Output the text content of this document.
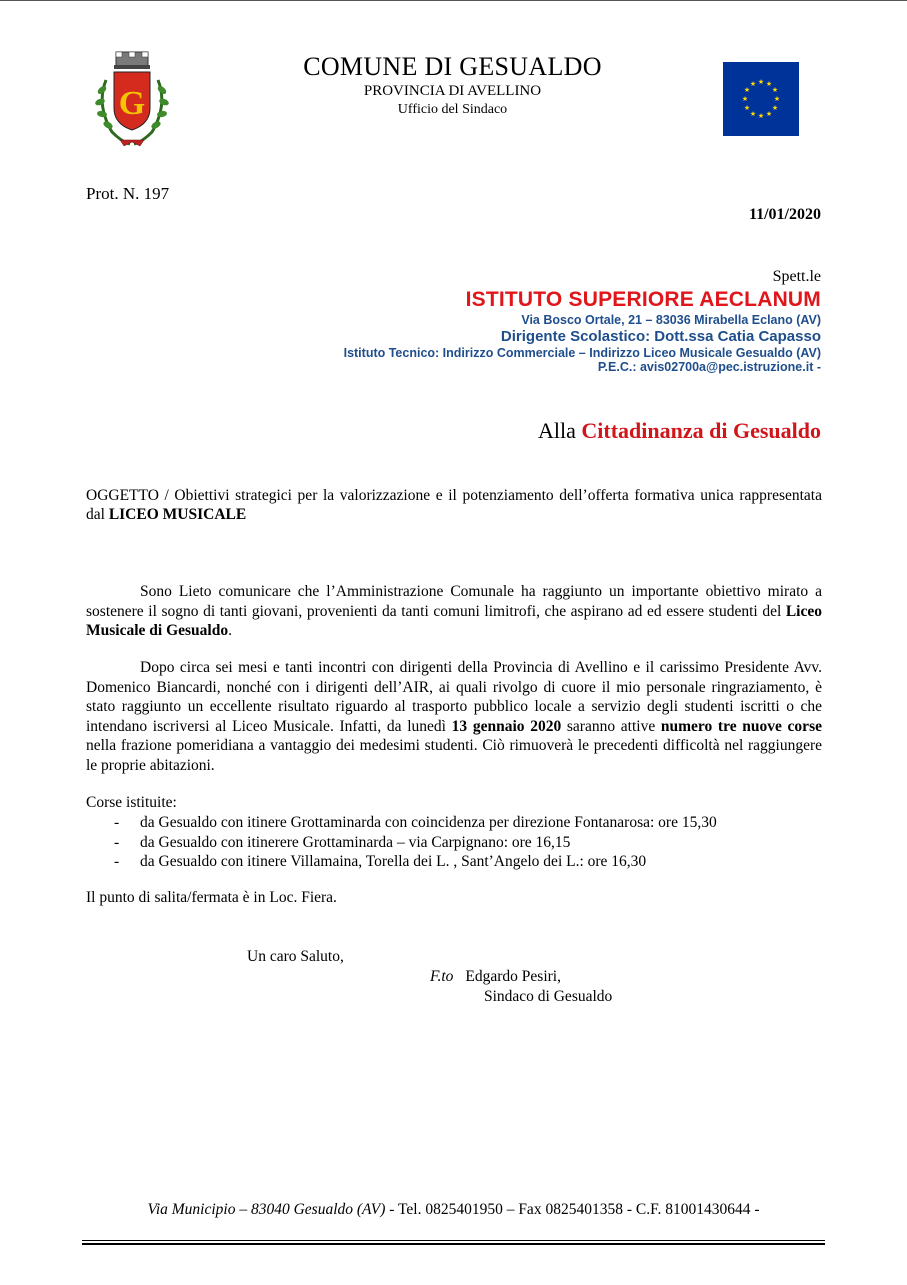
G
COMUNE DI GESUALDO
PROVINCIA DI AVELLINO
Ufficio del Sindaco
★ ★
★
★
★
★
★
★
★
★
★
★
Prot. N. 197
11/01/2020
Spett.le
ISTITUTO SUPERIORE AECLANUM
Via Bosco Ortale, 21 – 83036 Mirabella Eclano (AV)
Dirigente Scolastico: Dott.ssa Catia Capasso
Istituto Tecnico: Indirizzo Commerciale – Indirizzo Liceo Musicale Gesualdo (AV)
P.E.C.: avis02700a@pec.istruzione.it -
Alla Cittadinanza di Gesualdo
OGGETTO / Obiettivi strategici per la valorizzazione e il potenziamento dell’offerta formativa unica rappresentata dal LICEO MUSICALE
Sono Lieto comunicare che l’Amministrazione Comunale ha raggiunto un importante obiettivo mirato a sostenere il sogno di tanti giovani, provenienti da tanti comuni limitrofi, che aspirano ad ed essere studenti del Liceo Musicale di Gesualdo.
Dopo circa sei mesi e tanti incontri con dirigenti della Provincia di Avellino e il carissimo Presidente Avv. Domenico Biancardi, nonché con i dirigenti dell’AIR, ai quali rivolgo di cuore il mio personale ringraziamento, è stato raggiunto un eccellente risultato riguardo al trasporto pubblico locale a servizio degli studenti iscritti o che intendano iscriversi al Liceo Musicale. Infatti, da lunedì 13 gennaio 2020 saranno attive numero tre nuove corse nella frazione pomeridiana a vantaggio dei medesimi studenti. Ciò rimuoverà le precedenti difficoltà nel raggiungere le proprie abitazioni.
Corse istituite:
-	da Gesualdo con itinere Grottaminarda con coincidenza per direzione Fontanarosa: ore 15,30
-	da Gesualdo con itinerere Grottaminarda – via Carpignano: ore 16,15
-	da Gesualdo con itinere Villamaina, Torella dei L. , Sant’Angelo dei L.: ore 16,30
Il punto di salita/fermata è in Loc. Fiera.
Un caro Saluto,
F.to Edgardo Pesiri,
Sindaco di Gesualdo
Via Municipio – 83040 Gesualdo (AV) - Tel. 0825401950 – Fax 0825401358 - C.F. 81001430644 -
